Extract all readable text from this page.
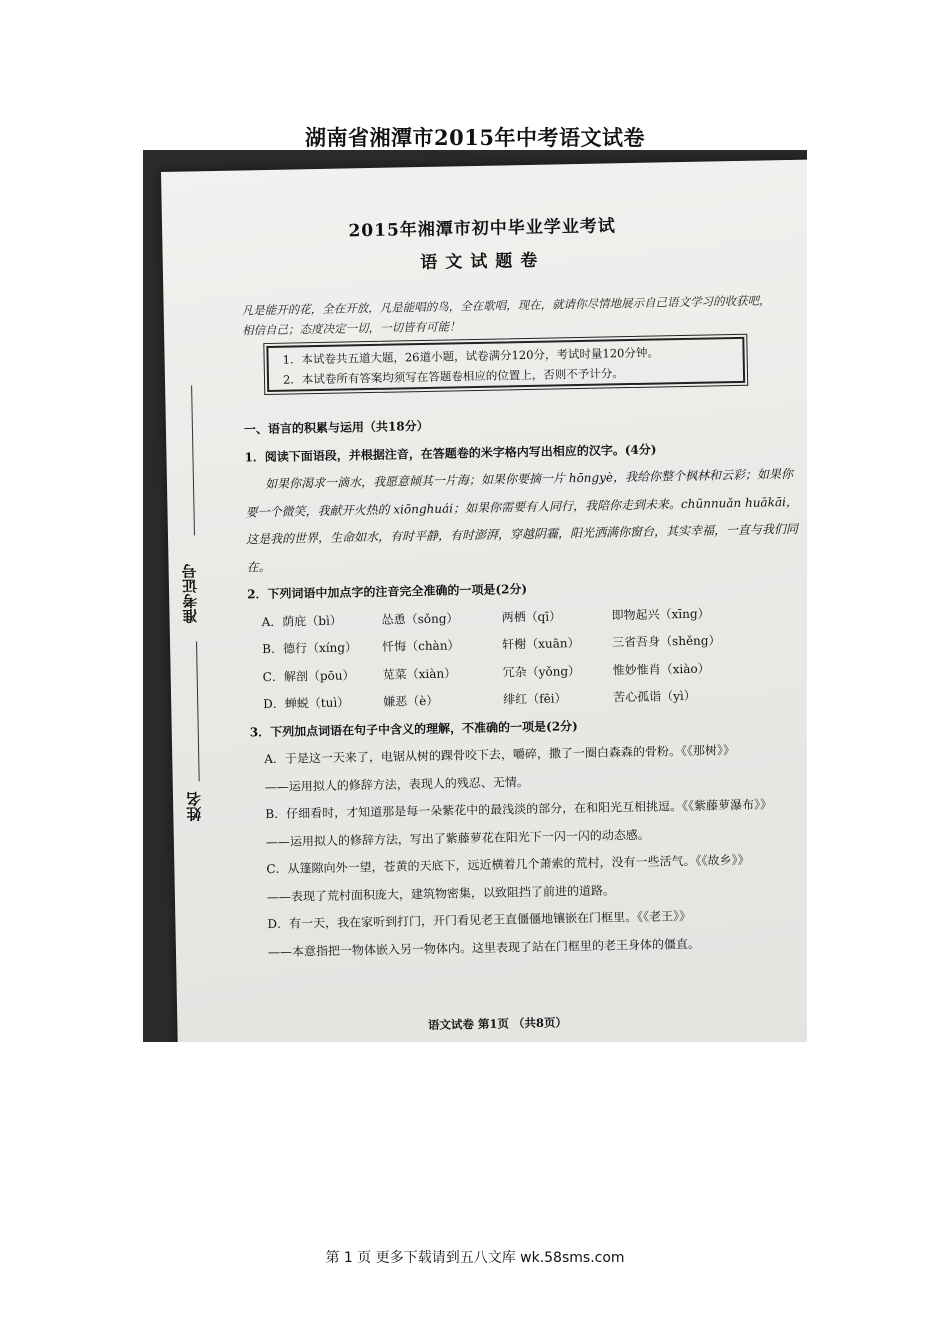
湖南省湘潭市2015年中考语文试卷
2015年湘潭市初中毕业学业考试
语文试题卷
凡是能开的花，全在开放，凡是能唱的鸟，全在歌唱，现在，就请你尽情地展示自己语文学习的收获吧，相信自己；态度决定一切，一切皆有可能！
1．本试卷共五道大题，26道小题，试卷满分120分，考试时量120分钟。
2．本试卷所有答案均须写在答题卷相应的位置上，否则不予计分。
准考证号
姓名

一、语言的积累与运用（共18分）

1．阅读下面语段，并根据注音，在答题卷的米字格内写出相应的汉字。(4分)

如果你渴求一滴水，我愿意倾其一片海；如果你要摘一片 hōngyè，我给你整个枫林和云彩；如果你要一个微笑，我献开火热的 xiōnghuái；如果你需要有人同行，我陪你走到未来。chūnnuǎn huākāi，这是我的世界，生命如水，有时平静，有时澎湃，穿越阴霾，阳光洒满你窗台，其实幸福，一直与我们同在。

2．下列词语中加点字的注音完全准确的一项是(2分)

A．荫庇（bì）	怂恿（sǒng）	两栖（qī）	即物起兴（xīng）
B．德行（xíng）	忏悔（chàn）	轩榭（xuān）	三省吾身（shěng）
C．解剖（pōu）	苋菜（xiàn）	冗杂（yǒng）	惟妙惟肖（xiào）
D．蝉蜕（tuì）	嫌恶（è）	绯红（fēi）	苦心孤诣（yì）

3．下列加点词语在句子中含义的理解，不准确的一项是(2分)

A．于是这一天来了，电锯从树的踝骨咬下去，嚼碎，撒了一圈白森森的骨粉。《《那树》》

——运用拟人的修辞方法，表现人的残忍、无情。

B．仔细看时，才知道那是每一朵紫花中的最浅淡的部分，在和阳光互相挑逗。《《紫藤萝瀑布》》

——运用拟人的修辞方法，写出了紫藤萝花在阳光下一闪一闪的动态感。

C．从篷隙向外一望，苍黄的天底下，远近横着几个萧索的荒村，没有一些活气。《《故乡》》

——表现了荒村面积庞大，建筑物密集，以致阻挡了前进的道路。

D．有一天，我在家听到打门，开门看见老王直僵僵地镶嵌在门框里。《《老王》》

——本意指把一物体嵌入另一物体内。这里表现了站在门框里的老王身体的僵直。

语文试卷 第1页 （共8页）
第 1 页 更多下载请到五八文库 wk.58sms.com
